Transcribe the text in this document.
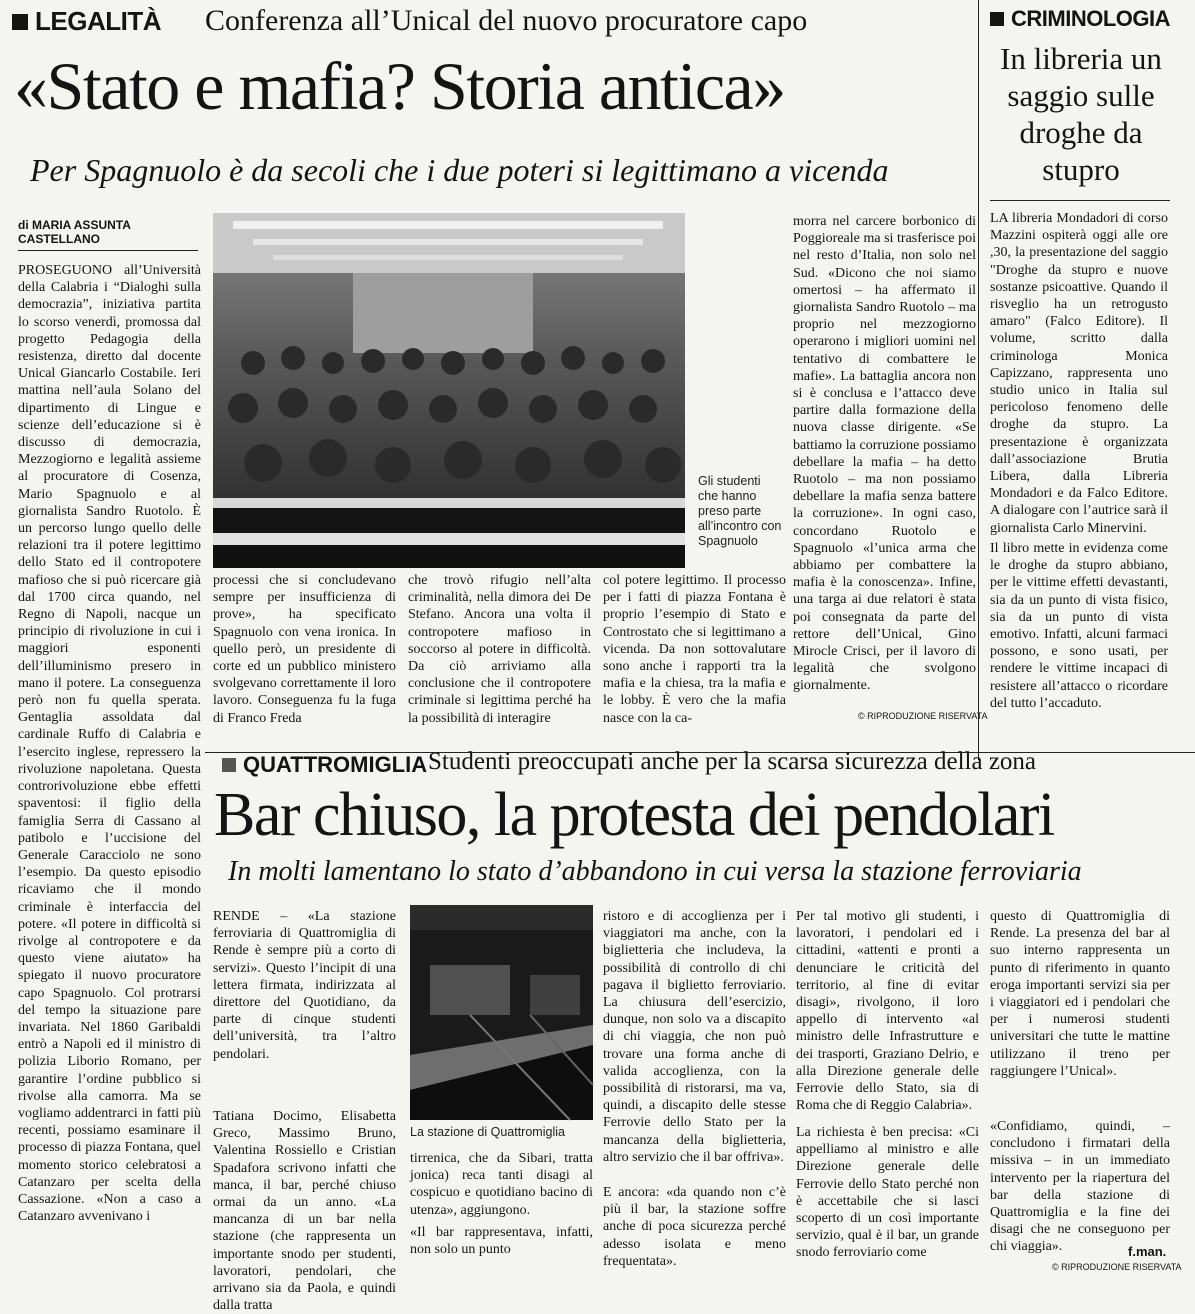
LEGALITÀ Conferenza all’Unical del nuovo procuratore capo
«Stato e mafia? Storia antica»
Per Spagnuolo è da secoli che i due poteri si legittimano a vicenda
di MARIA ASSUNTA CASTELLANO
PROSEGUONO all’Università della Calabria i “Dialoghi sulla democrazia”, iniziativa partita lo scorso venerdì, promossa dal progetto Pedagogia della resistenza, diretto dal docente Unical Giancarlo Costabile. Ieri mattina nell’aula Solano del dipartimento di Lingue e scienze dell’educazione si è discusso di democrazia, Mezzogiorno e legalità assieme al procuratore di Cosenza, Mario Spagnuolo e al giornalista Sandro Ruotolo. È un percorso lungo quello delle relazioni tra il potere legittimo dello Stato ed il contropotere mafioso che si può ricercare già dal 1700 circa quando, nel Regno di Napoli, nacque un principio di rivoluzione in cui i maggiori esponenti dell’illuminismo presero in mano il potere. La conseguenza però non fu quella sperata. Gentaglia assoldata dal cardinale Ruffo di Calabria e l’esercito inglese, repressero la rivoluzione napoletana. Questa controrivoluzione ebbe effetti spaventosi: il figlio della famiglia Serra di Cassano al patibolo e l’uccisione del Generale Caracciolo ne sono l’esempio. Da questo episodio ricaviamo che il mondo criminale è interfaccia del potere. «Il potere in difficoltà si rivolge al contropotere e da questo viene aiutato» ha spiegato il nuovo procuratore capo Spagnuolo. Col protrarsi del tempo la situazione pare invariata. Nel 1860 Garibaldi entrò a Napoli ed il ministro di polizia Liborio Romano, per garantire l’ordine pubblico si rivolse alla camorra. Ma se vogliamo addentrarci in fatti più recenti, possiamo esaminare il processo di piazza Fontana, quel momento storico celebratosi a Catanzaro per scelta della Cassazione. «Non a caso a Catanzaro avvenivano i
Gli studenti che hanno preso parte all’incontro con Spagnuolo
processi che si concludevano sempre per insufficienza di prove», ha specificato Spagnuolo con vena ironica. In quello però, un presidente di corte ed un pubblico ministero svolgevano correttamente il loro lavoro. Conseguenza fu la fuga di Franco Freda
che trovò rifugio nell’alta criminalità, nella dimora dei De Stefano. Ancora una volta il contropotere mafioso in soccorso al potere in difficoltà. Da ciò arriviamo alla conclusione che il contropotere criminale si legittima perché ha la possibilità di interagire
col potere legittimo. Il processo per i fatti di piazza Fontana è proprio l’esempio di Stato e Controstato che si legittimano a vicenda. Da non sottovalutare sono anche i rapporti tra la mafia e la chiesa, tra la mafia e le lobby. È vero che la mafia nasce con la ca-
morra nel carcere borbonico di Poggioreale ma si trasferisce poi nel resto d’Italia, non solo nel Sud. «Dicono che noi siamo omertosi – ha affermato il giornalista Sandro Ruotolo – ma proprio nel mezzogiorno operarono i migliori uomini nel tentativo di combattere le mafie». La battaglia ancora non si è conclusa e l’attacco deve partire dalla formazione della nuova classe dirigente. «Se battiamo la corruzione possiamo debellare la mafia – ha detto Ruotolo – ma non possiamo debellare la mafia senza battere la corruzione». In ogni caso, concordano Ruotolo e Spagnuolo «l’unica arma che abbiamo per combattere la mafia è la conoscenza». Infine, una targa ai due relatori è stata poi consegnata da parte del rettore dell’Unical, Gino Mirocle Crisci, per il lavoro di legalità che svolgono giornalmente.
© RIPRODUZIONE RISERVATA
CRIMINOLOGIA
In libreria un saggio sulle droghe da stupro
LA libreria Mondadori di corso Mazzini ospiterà oggi alle ore ,30, la presentazione del saggio "Droghe da stupro e nuove sostanze psicoattive. Quando il risveglio ha un retrogusto amaro" (Falco Editore). Il volume, scritto dalla criminologa Monica Capizzano, rappresenta uno studio unico in Italia sul pericoloso fenomeno delle droghe da stupro. La presentazione è organizzata dall’associazione Brutia Libera, dalla Libreria Mondadori e da Falco Editore. A dialogare con l’autrice sarà il giornalista Carlo Minervini.
Il libro mette in evidenza come le droghe da stupro abbiano, per le vittime effetti devastanti, sia da un punto di vista fisico, sia da un punto di vista emotivo. Infatti, alcuni farmaci possono, e sono usati, per rendere le vittime incapaci di resistere all’attacco o ricordare del tutto l’accaduto.
QUATTROMIGLIA Studenti preoccupati anche per la scarsa sicurezza della zona
Bar chiuso, la protesta dei pendolari
In molti lamentano lo stato d’abbandono in cui versa la stazione ferroviaria
RENDE – «La stazione ferroviaria di Quattromiglia di Rende è sempre più a corto di servizi». Questo l’incipit di una lettera firmata, indirizzata al direttore del Quotidiano, da parte di cinque studenti dell’università, tra l’altro pendolari.
La stazione di Quattromiglia
Tatiana Docimo, Elisabetta Greco, Massimo Bruno, Valentina Rossiello e Cristian Spadafora scrivono infatti che manca, il bar, perché chiuso ormai da un anno. «La mancanza di un bar nella stazione (che rappresenta un importante snodo per studenti, lavoratori, pendolari, che arrivano sia da Paola, e quindi dalla tratta
tirrenica, che da Sibari, tratta jonica) reca tanti disagi al cospicuo e quotidiano bacino di utenza», aggiungono.
«Il bar rappresentava, infatti, non solo un punto
ristoro e di accoglienza per i viaggiatori ma anche, con la biglietteria che includeva, la possibilità di controllo di chi pagava il biglietto ferroviario. La chiusura dell’esercizio, dunque, non solo va a discapito di chi viaggia, che non può trovare una forma anche di valida accoglienza, con la possibilità di ristorarsi, ma va, quindi, a discapito delle stesse Ferrovie dello Stato per la mancanza della biglietteria, altro servizio che il bar offriva».
E ancora: «da quando non c’è più il bar, la stazione soffre anche di poca sicurezza perché adesso isolata e meno frequentata».
Per tal motivo gli studenti, i lavoratori, i pendolari ed i cittadini, «attenti e pronti a denunciare le criticità del territorio, al fine di evitar disagi», rivolgono, il loro appello di intervento «al ministro delle Infrastrutture e dei trasporti, Graziano Delrio, e alla Direzione generale delle Ferrovie dello Stato, sia di Roma che di Reggio Calabria».
La richiesta è ben precisa: «Ci appelliamo al ministro e alle Direzione generale delle Ferrovie dello Stato perché non è accettabile che si lasci scoperto di un così importante servizio, qual è il bar, un grande snodo ferroviario come
questo di Quattromiglia di Rende. La presenza del bar al suo interno rappresenta un punto di riferimento in quanto eroga importanti servizi sia per i viaggiatori ed i pendolari che per i numerosi studenti universitari che tutte le mattine utilizzano il treno per raggiungere l’Unical».
«Confidiamo, quindi, – concludono i firmatari della missiva – in un immediato intervento per la riapertura del bar della stazione di Quattromiglia e la fine dei disagi che ne conseguono per chi viaggia».	f.man.
© RIPRODUZIONE RISERVATA
